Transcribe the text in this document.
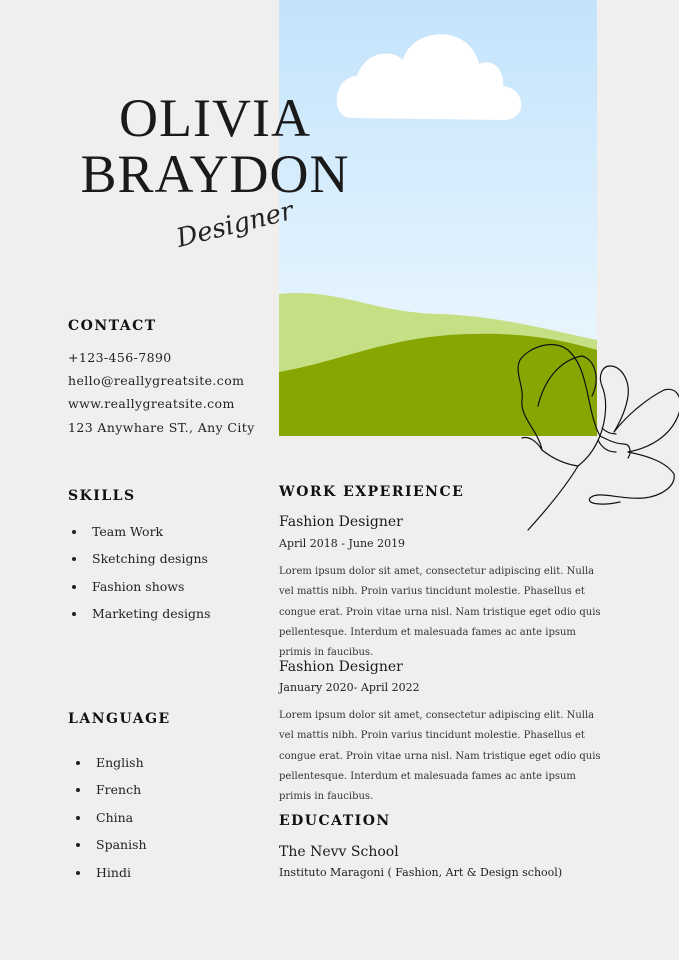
OLIVIA
BRAYDON
Designer
CONTACT
+123-456-7890
hello@reallygreatsite.com
www.reallygreatsite.com
123 Anywhare ST., Any City
SKILLS
Team Work
Sketching designs
Fashion shows
Marketing designs
LANGUAGE
English
French
China
Spanish
Hindi
WORK EXPERIENCE
Fashion Designer
April 2018 - June 2019
Lorem ipsum dolor sit amet, consectetur adipiscing elit. Nulla vel mattis nibh. Proin varius tincidunt molestie. Phasellus et congue erat. Proin vitae urna nisl. Nam tristique eget odio quis pellentesque. Interdum et malesuada fames ac ante ipsum primis in faucibus.
Fashion Designer
January 2020- April 2022
Lorem ipsum dolor sit amet, consectetur adipiscing elit. Nulla vel mattis nibh. Proin varius tincidunt molestie. Phasellus et congue erat. Proin vitae urna nisl. Nam tristique eget odio quis pellentesque. Interdum et malesuada fames ac ante ipsum primis in faucibus.
EDUCATION
The Nevv School
Instituto Maragoni ( Fashion, Art & Design school)
